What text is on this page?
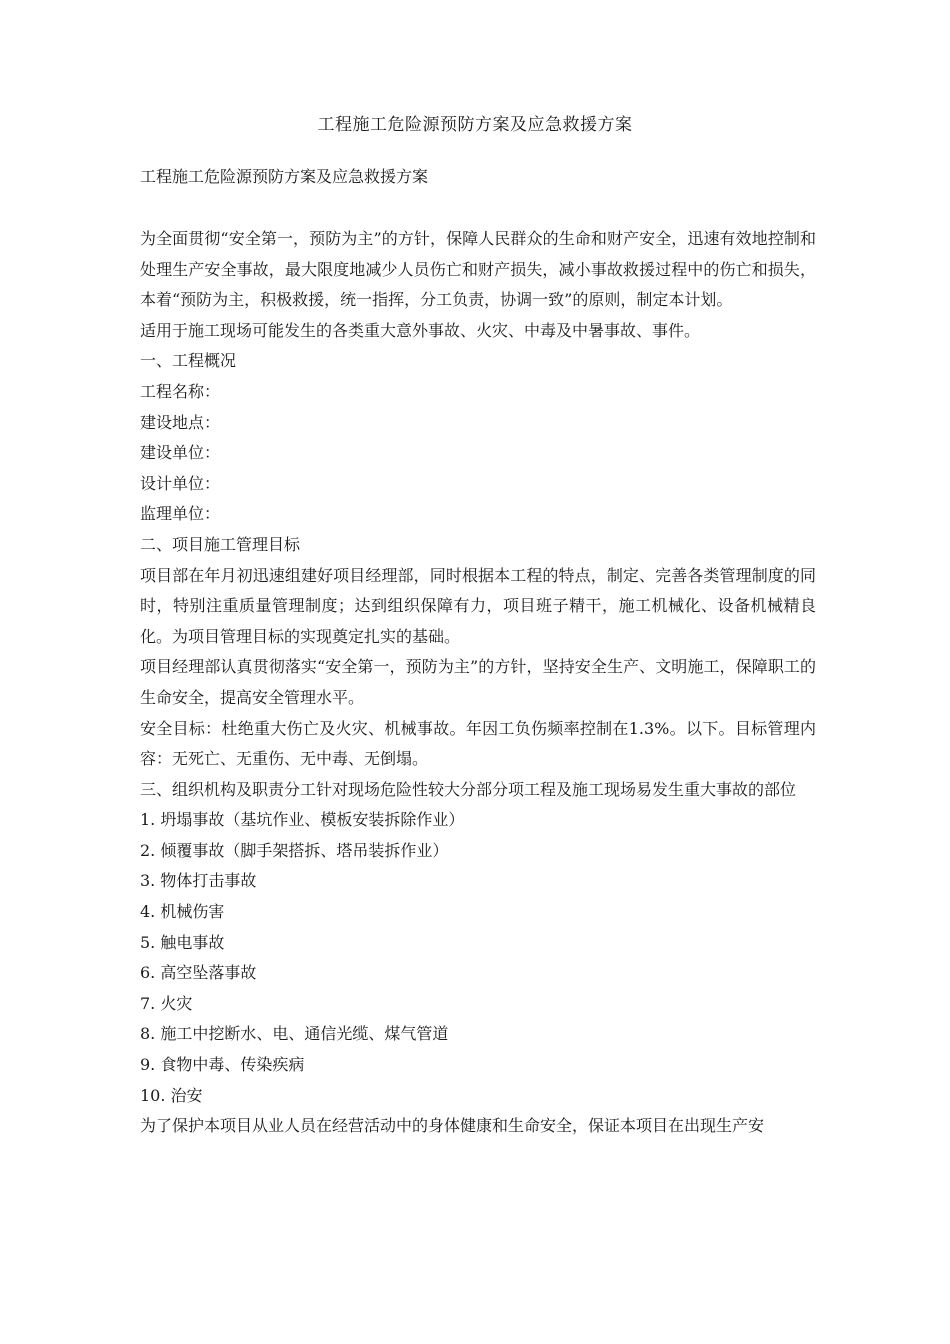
工程施工危险源预防方案及应急救援方案
工程施工危险源预防方案及应急救援方案

为全面贯彻“安全第一，预防为主”的方针，保障人民群众的生命和财产安全，迅速有效地控制和处理生产安全事故，最大限度地减少人员伤亡和财产损失，减小事故救援过程中的伤亡和损失，本着“预防为主，积极救援，统一指挥，分工负责，协调一致”的原则，制定本计划。

适用于施工现场可能发生的各类重大意外事故、火灾、中毒及中暑事故、事件。

一、工程概况

工程名称：

建设地点：

建设单位：

设计单位：

监理单位：

二、项目施工管理目标

项目部在年月初迅速组建好项目经理部，同时根据本工程的特点，制定、完善各类管理制度的同时，特别注重质量管理制度；达到组织保障有力，项目班子精干，施工机械化、设备机械精良化。为项目管理目标的实现奠定扎实的基础。

项目经理部认真贯彻落实“安全第一，预防为主”的方针，坚持安全生产、文明施工，保障职工的生命安全，提高安全管理水平。

安全目标：杜绝重大伤亡及火灾、机械事故。年因工负伤频率控制在1.3%。以下。目标管理内容：无死亡、无重伤、无中毒、无倒塌。

三、组织机构及职责分工针对现场危险性较大分部分项工程及施工现场易发生重大事故的部位

1. 坍塌事故（基坑作业、模板安装拆除作业）

2. 倾覆事故（脚手架搭拆、塔吊装拆作业）

3. 物体打击事故

4. 机械伤害

5. 触电事故

6. 高空坠落事故

7. 火灾

8. 施工中挖断水、电、通信光缆、煤气管道

9. 食物中毒、传染疾病

10. 治安

为了保护本项目从业人员在经营活动中的身体健康和生命安全，保证本项目在出现生产安
